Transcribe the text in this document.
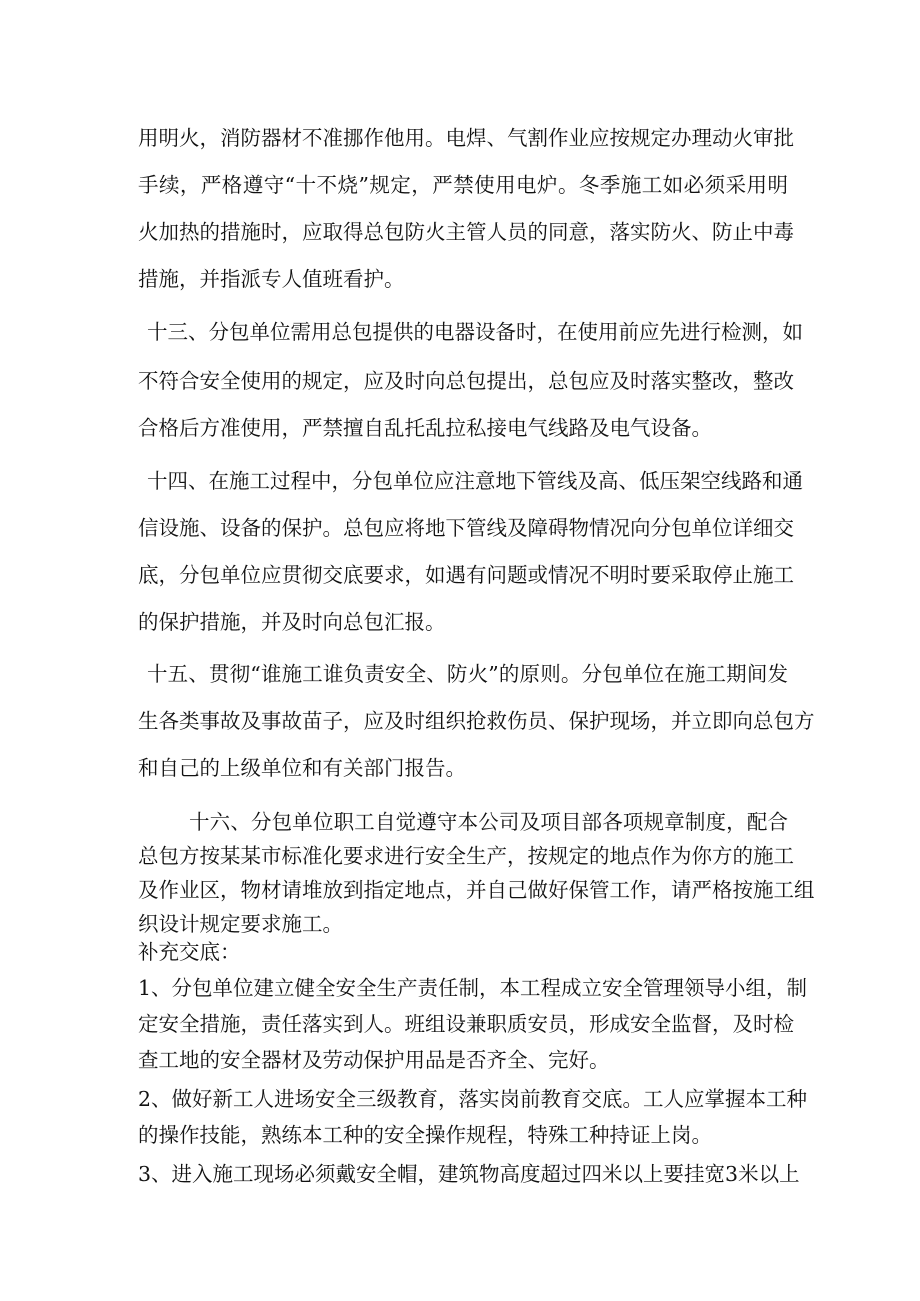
用明火，消防器材不准挪作他用。电焊、气割作业应按规定办理动火审批
手续，严格遵守“十不烧”规定，严禁使用电炉。冬季施工如必须采用明
火加热的措施时，应取得总包防火主管人员的同意，落实防火、防止中毒
措施，并指派专人值班看护。
十三、分包单位需用总包提供的电器设备时，在使用前应先进行检测，如
不符合安全使用的规定，应及时向总包提出，总包应及时落实整改，整改
合格后方准使用，严禁擅自乱托乱拉私接电气线路及电气设备。
十四、在施工过程中，分包单位应注意地下管线及高、低压架空线路和通
信设施、设备的保护。总包应将地下管线及障碍物情况向分包单位详细交
底，分包单位应贯彻交底要求，如遇有问题或情况不明时要采取停止施工
的保护措施，并及时向总包汇报。
十五、贯彻“谁施工谁负责安全、防火”的原则。分包单位在施工期间发
生各类事故及事故苗子，应及时组织抢救伤员、保护现场，并立即向总包方
和自己的上级单位和有关部门报告。
十六、分包单位职工自觉遵守本公司及项目部各项规章制度，配合
总包方按某某市标准化要求进行安全生产，按规定的地点作为你方的施工
及作业区，物材请堆放到指定地点，并自己做好保管工作，请严格按施工组
织设计规定要求施工。
补充交底：
1、分包单位建立健全安全生产责任制，本工程成立安全管理领导小组，制
定安全措施，责任落实到人。班组设兼职质安员，形成安全监督，及时检
查工地的安全器材及劳动保护用品是否齐全、完好。
2、做好新工人进场安全三级教育，落实岗前教育交底。工人应掌握本工种
的操作技能，熟练本工种的安全操作规程，特殊工种持证上岗。
3、进入施工现场必须戴安全帽，建筑物高度超过四米以上要挂宽3米以上
